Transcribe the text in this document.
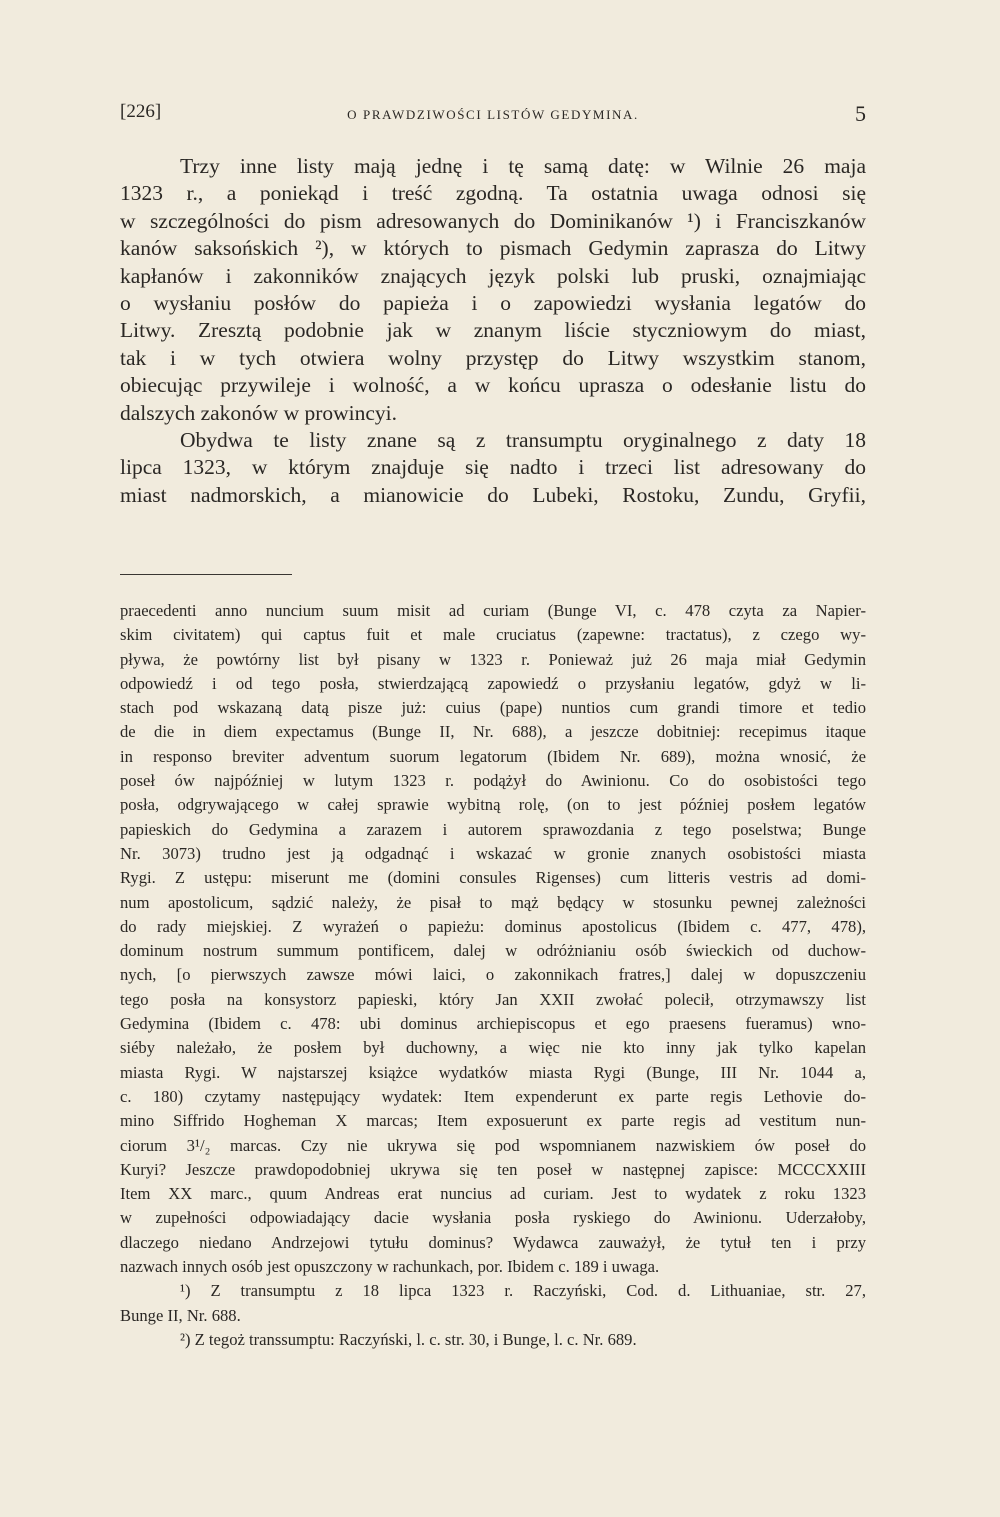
[226]	O PRAWDZIWOŚCI LISTÓW GEDYMINA.	5
Trzy inne listy mają jednę i tę samą datę: w Wilnie 26 maja
1323 r., a poniekąd i treść zgodną. Ta ostatnia uwaga odnosi się
w szczególności do pism adresowanych do Dominikanów ¹) i Franciszkanów
kanów saksońskich ²), w których to pismach Gedymin zaprasza do Litwy
kapłanów i zakonników znających język polski lub pruski, oznajmiając
o wysłaniu posłów do papieża i o zapowiedzi wysłania legatów do
Litwy. Zresztą podobnie jak w znanym liście styczniowym do miast,
tak i w tych otwiera wolny przystęp do Litwy wszystkim stanom,
obiecując przywileje i wolność, a w końcu uprasza o odesłanie listu do
dalszych zakonów w prowincyi.
Obydwa te listy znane są z transumptu oryginalnego z daty 18
lipca 1323, w którym znajduje się nadto i trzeci list adresowany do
miast nadmorskich, a mianowicie do Lubeki, Rostoku, Zundu, Gryfii,
praecedenti anno nuncium suum misit ad curiam (Bunge VI, c. 478 czyta za Napier-
skim civitatem) qui captus fuit et male cruciatus (zapewne: tractatus), z czego wy-
pływa, że powtórny list był pisany w 1323 r. Ponieważ już 26 maja miał Gedymin
odpowiedź i od tego posła, stwierdzającą zapowiedź o przysłaniu legatów, gdyż w li-
stach pod wskazaną datą pisze już: cuius (pape) nuntios cum grandi timore et tedio
de die in diem expectamus (Bunge II, Nr. 688), a jeszcze dobitniej: recepimus itaque
in responso breviter adventum suorum legatorum (Ibidem Nr. 689), można wnosić, że
poseł ów najpóźniej w lutym 1323 r. podążył do Awinionu. Co do osobistości tego
posła, odgrywającego w całej sprawie wybitną rolę, (on to jest później posłem legatów
papieskich do Gedymina a zarazem i autorem sprawozdania z tego poselstwa; Bunge
Nr. 3073) trudno jest ją odgadnąć i wskazać w gronie znanych osobistości miasta
Rygi. Z ustępu: miserunt me (domini consules Rigenses) cum litteris vestris ad domi-
num apostolicum, sądzić należy, że pisał to mąż będący w stosunku pewnej zależności
do rady miejskiej. Z wyrażeń o papieżu: dominus apostolicus (Ibidem c. 477, 478),
dominum nostrum summum pontificem, dalej w odróżnianiu osób świeckich od duchow-
nych, [o pierwszych zawsze mówi laici, o zakonnikach fratres,] dalej w dopuszczeniu
tego posła na konsystorz papieski, który Jan XXII zwołać polecił, otrzymawszy list
Gedymina (Ibidem c. 478: ubi dominus archiepiscopus et ego praesens fueramus) wno-
siéby należało, że posłem był duchowny, a więc nie kto inny jak tylko kapelan
miasta Rygi. W najstarszej książce wydatków miasta Rygi (Bunge, III Nr. 1044 a,
c. 180) czytamy następujący wydatek: Item expenderunt ex parte regis Lethovie do-
mino Siffrido Hogheman X marcas; Item exposuerunt ex parte regis ad vestitum nun-
ciorum 3¹/₂ marcas. Czy nie ukrywa się pod wspomnianem nazwiskiem ów poseł do
Kuryi? Jeszcze prawdopodobniej ukrywa się ten poseł w następnej zapisce: MCCCXXIII
Item XX marc., quum Andreas erat nuncius ad curiam. Jest to wydatek z roku 1323
w zupełności odpowiadający dacie wysłania posła ryskiego do Awinionu. Uderzałoby,
dlaczego niedano Andrzejowi tytułu dominus? Wydawca zauważył, że tytuł ten i przy
nazwach innych osób jest opuszczony w rachunkach, por. Ibidem c. 189 i uwaga.
¹) Z transumptu z 18 lipca 1323 r. Raczyński, Cod. d. Lithuaniae, str. 27,
Bunge II, Nr. 688.
²) Z tegoż transsumptu: Raczyński, l. c. str. 30, i Bunge, l. c. Nr. 689.
